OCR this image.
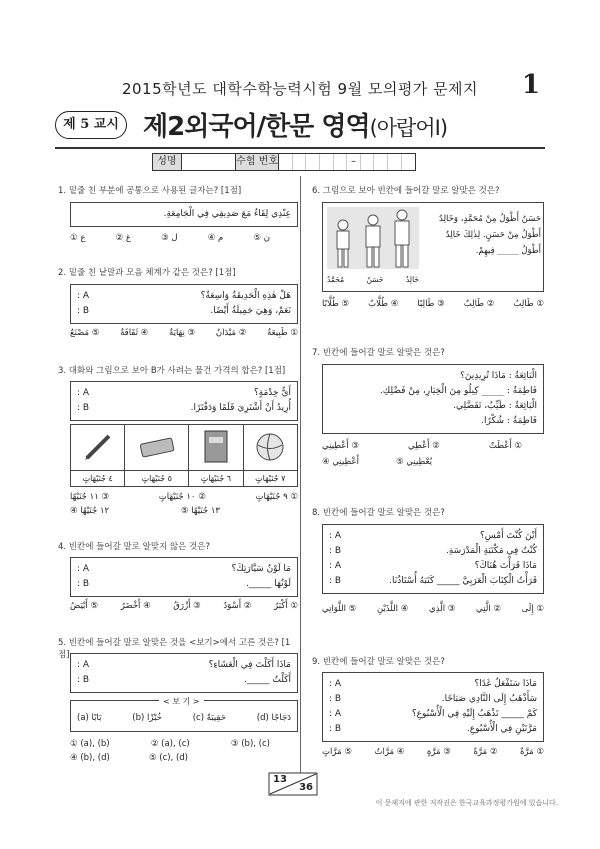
2015학년도 대학수학능력시험 9월 모의평가 문제지	1
제 5 교시 제2외국어/한문 영역(아랍어Ⅰ)
성명	수험 번호	–
1. 밑줄 친 부분에 공통으로 사용된 글자는? [1점]
عِنْدِي لِقَاءٌ مَعَ صَدِيقِي فِي الْجَامِعَةِ.
① ع	② غ	③ ل	④ م	⑤ ن
2. 밑줄 친 낱말과 모음 체계가 같은 것은? [1점]
: A	هَلْ هٰذِهِ الْحَدِيقَةُ وَاسِعَةٌ؟
: B	نَعَمْ، وَهِيَ جَمِيلَةٌ أَيْضًا.
① طَبِيعَةٌ
② مَيْدَانٌ
③ نِهَايَةٌ
④ ثَقَافَةٌ
⑤ مَصْنَعٌ
3. 대화와 그림으로 보아 B가 사려는 물건 가격의 합은? [1점]
: A	أَيُّ خِدْمَةٍ؟
: B	أُرِيدُ أَنْ أَشْتَرِيَ قَلَمًا وَدَفْتَرًا.

٤ جُنَيْهَاتٍ	٥ جُنَيْهَاتٍ	٦ جُنَيْهَاتٍ	٧ جُنَيْهَاتٍ
① ٩ جُنَيْهَاتٍ
② ١٠ جُنَيْهَاتٍ
③ ١١ جُنَيْهًا
④ ١٢ جُنَيْهًا	⑤ ١٣ جُنَيْهًا
4. 빈칸에 들어갈 말로 알맞지 않은 것은?
: A	مَا لَوْنُ سَيَّارَتِكَ؟
: B	لَوْنُهَا _____.
① أَكْبَرُ
② أَسْوَدُ
③ أَزْرَقُ
④ أَخْضَرُ
⑤ أَبْيَضُ
5. 빈칸에 들어갈 말로 알맞은 것을 <보기>에서 고른 것은? [1점]
: A	مَاذَا أَكَلْتَ فِي الْعَشَاءِ؟
: B	أَكَلْتُ _____.
< 보 기 >
(a) بَابًا	(b) خُبْزًا	(c) حَقِيبَةً	(d) دَجَاجًا
① (a), (b)	② (a), (c)	③ (b), (c)
④ (b), (d)	⑤ (c), (d)
6. 그림으로 보아 빈칸에 들어갈 말로 알맞은 것은?
خَالِدٌ
حَسَنٌ
مُحَمَّدٌ
حَسَنٌ أَطْوَلُ مِنْ مُحَمَّدٍ، وَخَالِدٌ
أَطْوَلُ مِنْ حَسَنٍ. لِذٰلِكَ خَالِدٌ
أَطْوَلُ _____ فِيهِمْ.
① طَالِبُ
② طَالِبٌ
③ طَالِبًا
④ طُلَّابٌ
⑤ طُلَّابًا
7. 빈칸에 들어갈 말로 알맞은 것은?
الْبَائِعَةُ : مَاذَا تُرِيدِينَ؟
فَاطِمَةُ : _____ كِيلُو مِنَ الْخِيَارِ، مِنْ فَضْلِكِ.
الْبَائِعَةُ : طَيِّبٌ، تَفَضَّلِي.
فَاطِمَةُ : شُكْرًا.
① أَعْطَتْ
② أَعْطِي
③ أَعْطِينِي
④ أَعْطِينِي	⑤ يُعْطِينِي
8. 빈칸에 들어갈 말로 알맞은 것은?
: A	أَيْنَ كُنْتَ أَمْسِ؟
: B	كُنْتُ فِي مَكْتَبَةِ الْمَدْرَسَةِ.
: A	مَاذَا قَرَأْتَ هُنَاكَ؟
: B	قَرَأْتُ الْكِتَابَ الْعَرَبِيَّ _____ كَتَبَهُ أُسْتَاذُنَا.
① إِلَى
② الَّتِي
③ الَّذِي
④ اللَّذَيْنِ
⑤ اللَّوَاتِي
9. 빈칸에 들어갈 말로 알맞은 것은?
: A	مَاذَا سَتَفْعَلُ غَدًا؟
: B	سَأَذْهَبُ إِلَى النَّادِي صَبَاحًا.
: A	كَمْ _____ تَذْهَبُ إِلَيْهِ فِي الْأُسْبُوعِ؟
: B	مَرَّتَيْنِ فِي الْأُسْبُوعِ.
① مَرَّةٌ
② مَرَّةً
③ مَرَّةٍ
④ مَرَّاتٌ
⑤ مَرَّاتٍ
13
36
이 문제지에 관한 저작권은 한국교육과정평가원에 있습니다.
